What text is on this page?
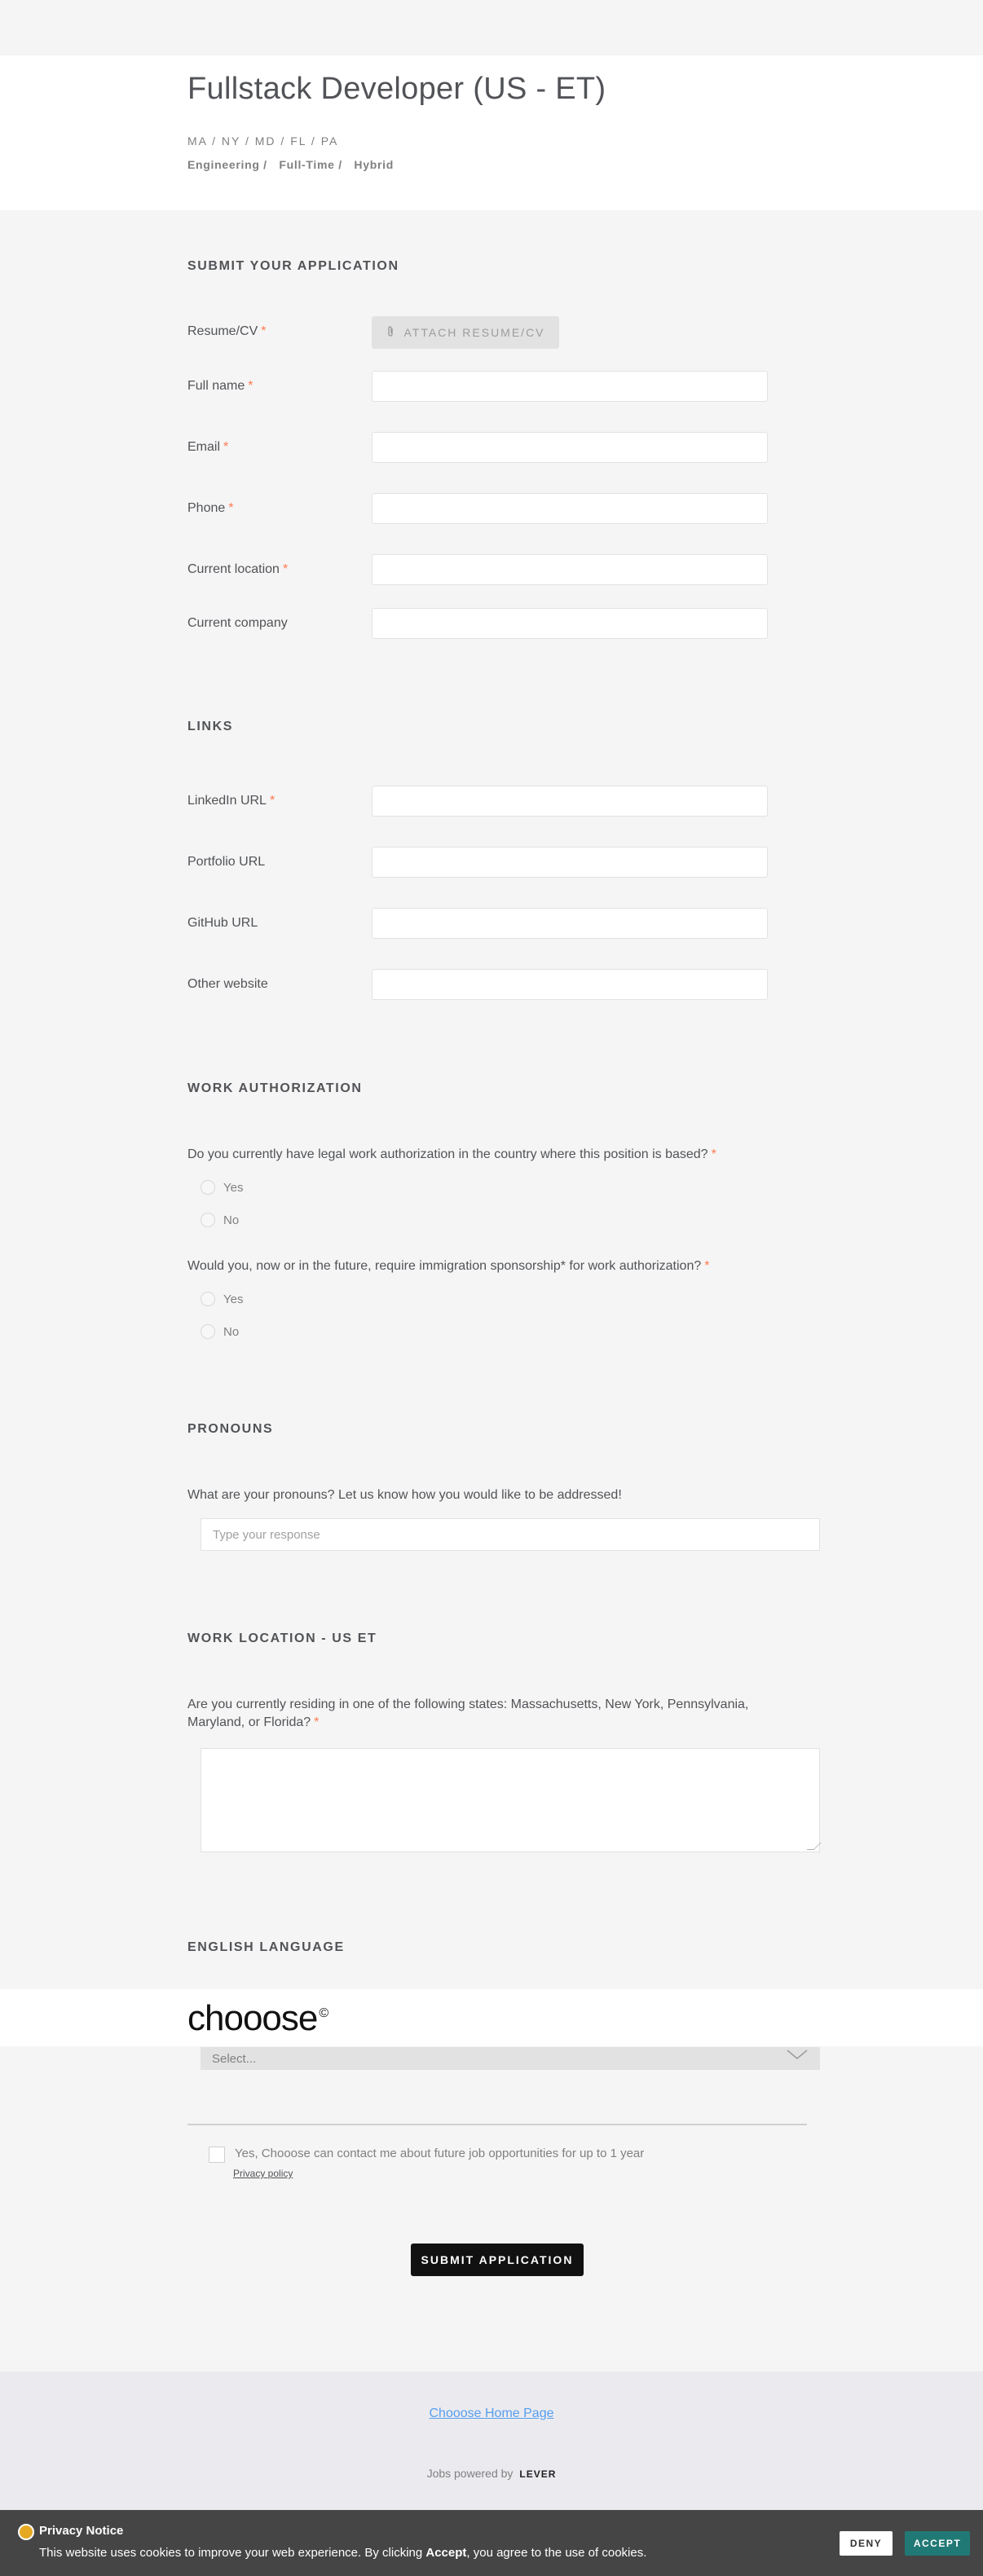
Fullstack Developer (US - ET)
MA / NY / MD / FL / PA
Engineering / Full-Time / Hybrid
SUBMIT YOUR APPLICATION
Resume/CV *	ATTACH RESUME/CV
Full name *
Email *
Phone *
Current location *
Current company
LINKS
LinkedIn URL *
Portfolio URL
GitHub URL
Other website
WORK AUTHORIZATION
Do you currently have legal work authorization in the country where this position is based? *
Yes
No
Would you, now or in the future, require immigration sponsorship* for work authorization? *
Yes
No
PRONOUNS
What are your pronouns? Let us know how you would like to be addressed!
Type your response
WORK LOCATION - US ET
Are you currently residing in one of the following states: Massachusetts, New York, Pennsylvania, Maryland, or Florida? *
ENGLISH LANGUAGE
chooose ©
Select...
Yes, Chooose can contact me about future job opportunities for up to 1 year
Privacy policy
SUBMIT APPLICATION
Chooose Home Page
Jobs powered by LEVER
Privacy Notice
This website uses cookies to improve your web experience. By clicking Accept, you agree to the use of cookies.
DENY	ACCEPT
